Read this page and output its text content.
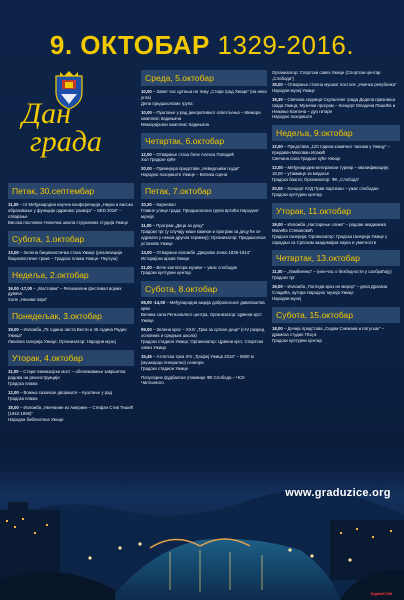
9. ОКТОБАР 1329-2016.
Дан
града
Петак, 30.септембар
11,00 – IX Међународна научна конференција „Наука и високо образовање у функцији одрживог развоја“ – SED 2016“ – отварање
Висока пословно-техничка школа струковних студија Ужице
Субота, 1.октобар
13,00 – Зелена бициклистичка стаза Ужице (реализација бициклистичке траке – Градска плажа Ужице- Пертуш)
Недеља, 2.октобар
16.00 -17,00 – „Мостовик“ – Регионални фестивал војних дувача
Холе „Ненови парк“
Понедељак, 3.октобар
19,00 – Изложба „75 година листа Вести и 45 година Радио Ужица“
Ликовна галерија Ужице; Организатор: Народни музеј
Уторак, 4.октобар
11,00 – Стари гимназијски мост – обележавање завршетка радова на реконструкцији
Градска плажа
12,00 – Вожња сазанске двориште – пуштање у рад
Градска плажа
18,00 – Изложба „Ужичанин из Америке – Стефан Стив Тешић (1942-1996)“
Народна библиотека Ужице
Среда, 5.октобар
10,00 – Завет час цртања на тему „Стари град Ужице“ (на нека угла)
Дела предшколских група
10,00 – Пуштање у рад декоративног осветљења – Мемори комплекс Кадињача
Меморијални комплекс Кадињача
Четвртак, 6.октобар
12,00 – Отварање стаза беле Алекса Попадић
Хол Градске куће
20,00 – Премијера представе „Невидљиви људи“
Народно позориште Ужице – Велика сцена
Петак, 7.октобар
10,30 – Карневал
Главне улице града; Предшколских група вртића Народног музеја
11,00 – Програм „Деца за децу“
Градски трг (у случају кише камион и програм за децу ће се одржати у неком другом термину); Организатор: Предшколска установа Ужице
13,00 – Отварање изложбе „Дворови Јенко 1835-1914“
Историјски архив Ужице
21,00 – Вече кантатора музике – ужас слободан
Градски културни центар
Субота, 8.октобар
08,00 -14,00 – Међународна акција добровољног давалаштва крви
Велика сала Регионалног центра, Организатор: Црвени крст Ужице
09,00 – Зелени крос – XXIV „Трка за српске деце“ (I-IV разред основних и средњих школа)
Градски стадион Ужице; Организатор: Црвени крст, Спортски савез Ужица
15,45 – Атлетска трка XIV „Трофеј Ужица 2016“ – 5500 м (мушкарци генерално) сениори
Градски стадион Ужице
Популарне фудбалске утакмице ФК Слобода – ЧСК Чапљинско
Организатор: Спортски савез Ужице (Спортски центар „Слобода“)
18,00 – Отварање стална мушког постоле „Ужичка република“
Народни музеј Ужице
19,30 – Свечана седница Скупштине града Додела признања града Ужица; Музички програм – Концерт Младена Пешића и Немање Кантича – дуо гитаре
Народно позориште
Недеља, 9.октобар
12,00 – Представа „120 година комичког часима у Ужицу“ – предавач Милован Исакић
Свечана сала Градске куће Ужице
12,00 – Међународни ветерански турнир – квалификације; 18,00 – утакмице за медаље
Градска башта; Организатор: ФК „Слобода“
20,00 – Концерт КУД Први партизан – ужас слободан
Градски културни центар
Уторак, 11.октобар
19,00 – Изложба „Настарење слике“ – радове академика Милића Стевановић
Градска галерија; Организатор: Градска галерија Ужице у сарадњи са Српском академијом наука и уметности
Четвртак, 13.октобар
11,00 – „Ламбиенко“ – (ини-час о безбедности у саобраћају)
Градски трг
19,00 – Изложба „Погледи кроз ин мирор“ – дела Драгана Сладића, аутора Народног музеја Ужице
Народни музеј
Субота, 15.октобар
18,00 – Дечија представа „Седам Снежана и патуљак“ – драмска студио ГКЦ-а
Градски културни центар
www.graduzice.org
DigitalCOM
